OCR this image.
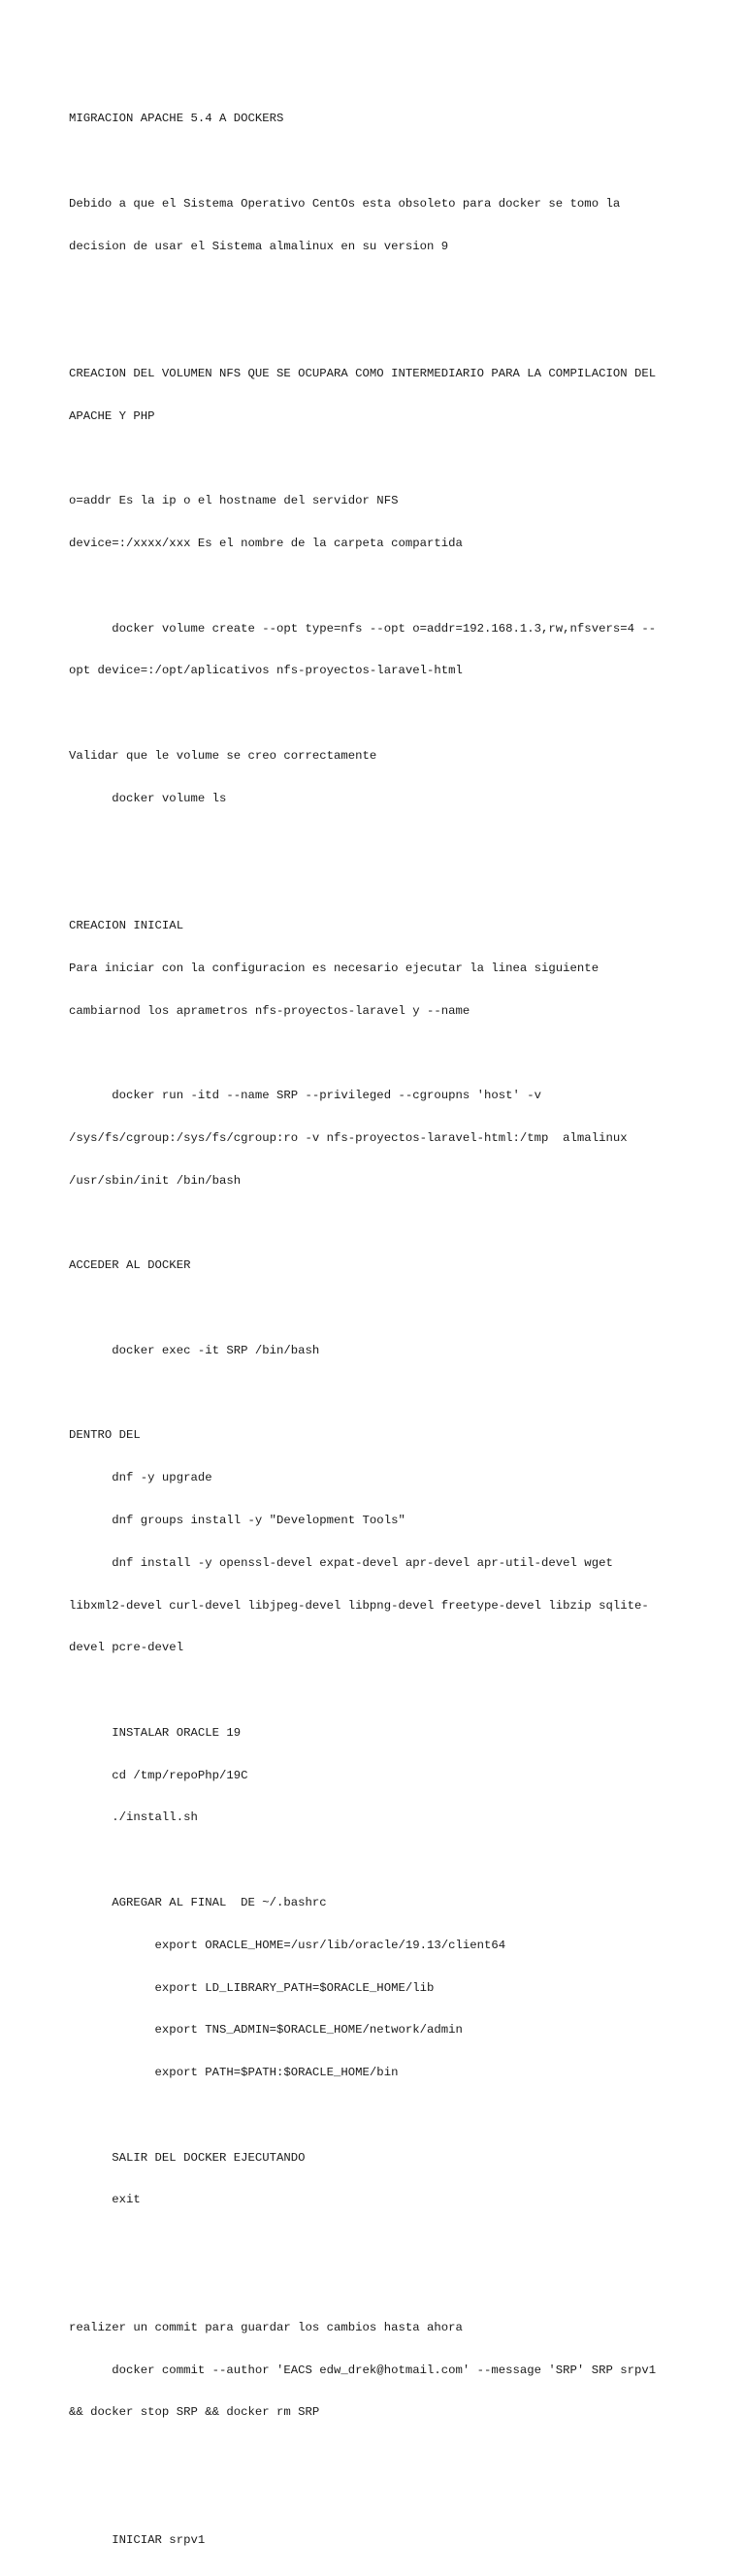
MIGRACION APACHE 5.4 A DOCKERS

Debido a que el Sistema Operativo CentOs esta obsoleto para docker se tomo la

decision de usar el Sistema almalinux en su version 9

CREACION DEL VOLUMEN NFS QUE SE OCUPARA COMO INTERMEDIARIO PARA LA COMPILACION DEL

APACHE Y PHP

o=addr Es la ip o el hostname del servidor NFS

device=:/xxxx/xxx Es el nombre de la carpeta compartida

docker volume create --opt type=nfs --opt o=addr=192.168.1.3,rw,nfsvers=4 --

opt device=:/opt/aplicativos nfs-proyectos-laravel-html

Validar que le volume se creo correctamente

docker volume ls

CREACION INICIAL

Para iniciar con la configuracion es necesario ejecutar la linea siguiente

cambiarnod los aprametros nfs-proyectos-laravel y --name

docker run -itd --name SRP --privileged --cgroupns 'host' -v

/sys/fs/cgroup:/sys/fs/cgroup:ro -v nfs-proyectos-laravel-html:/tmp  almalinux

/usr/sbin/init /bin/bash

ACCEDER AL DOCKER

docker exec -it SRP /bin/bash

DENTRO DEL

dnf -y upgrade

dnf groups install -y "Development Tools"

dnf install -y openssl-devel expat-devel apr-devel apr-util-devel wget

libxml2-devel curl-devel libjpeg-devel libpng-devel freetype-devel libzip sqlite-

devel pcre-devel

INSTALAR ORACLE 19

cd /tmp/repoPhp/19C

./install.sh

AGREGAR AL FINAL  DE ~/.bashrc

export ORACLE_HOME=/usr/lib/oracle/19.13/client64

export LD_LIBRARY_PATH=$ORACLE_HOME/lib

export TNS_ADMIN=$ORACLE_HOME/network/admin

export PATH=$PATH:$ORACLE_HOME/bin

SALIR DEL DOCKER EJECUTANDO

exit

realizer un commit para guardar los cambios hasta ahora

docker commit --author 'EACS edw_drek@hotmail.com' --message 'SRP' SRP srpv1

&& docker stop SRP && docker rm SRP

INICIAR srpv1
